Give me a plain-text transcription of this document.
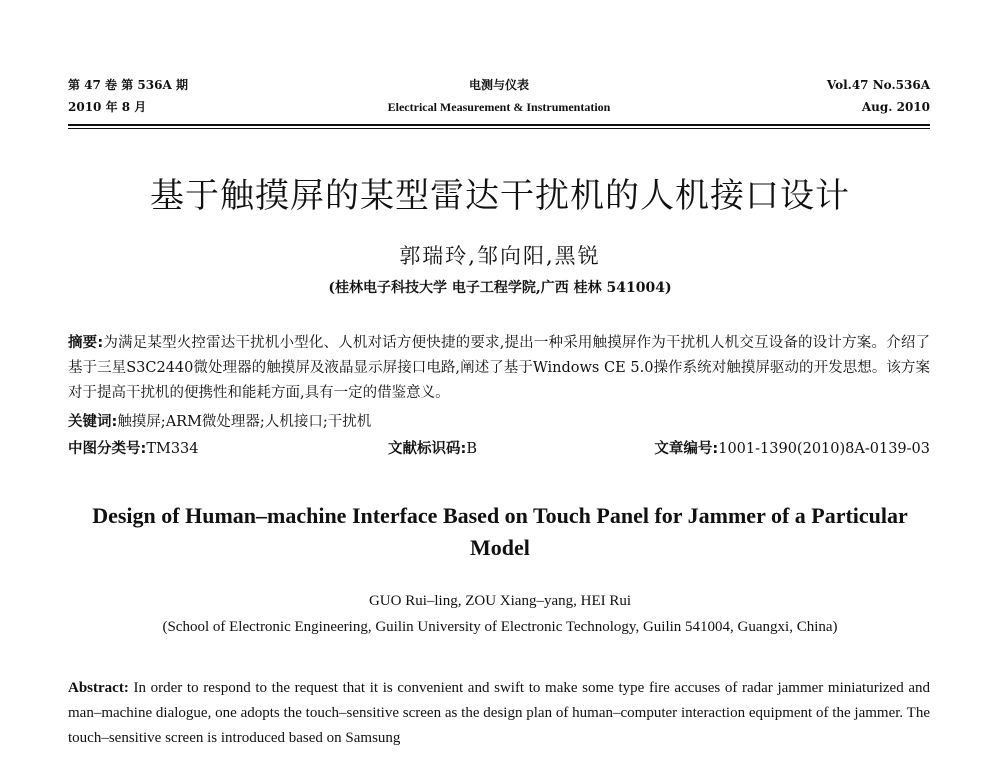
第 47 卷 第 536A 期
2010 年 8 月
电测与仪表
Electrical Measurement & Instrumentation
Vol.47 No.536A
Aug. 2010
基于触摸屏的某型雷达干扰机的人机接口设计
郭瑞玲,邹向阳,黑锐
(桂林电子科技大学 电子工程学院,广西 桂林 541004)
摘要:为满足某型火控雷达干扰机小型化、人机对话方便快捷的要求,提出一种采用触摸屏作为干扰机人机交互设备的设计方案。介绍了基于三星S3C2440微处理器的触摸屏及液晶显示屏接口电路,阐述了基于Windows CE 5.0操作系统对触摸屏驱动的开发思想。该方案对于提高干扰机的便携性和能耗方面,具有一定的借鉴意义。
关键词:触摸屏;ARM微处理器;人机接口;干扰机
中图分类号:TM334	文献标识码:B	文章编号:1001-1390(2010)8A-0139-03
Design of Human–machine Interface Based on Touch Panel for Jammer of a Particular Model
GUO Rui–ling, ZOU Xiang–yang, HEI Rui
(School of Electronic Engineering, Guilin University of Electronic Technology, Guilin 541004, Guangxi, China)
Abstract: In order to respond to the request that it is convenient and swift to make some type fire accuses of radar jammer miniaturized and man–machine dialogue, one adopts the touch–sensitive screen as the design plan of human–computer interaction equipment of the jammer. The touch–sensitive screen is introduced based on Samsung
